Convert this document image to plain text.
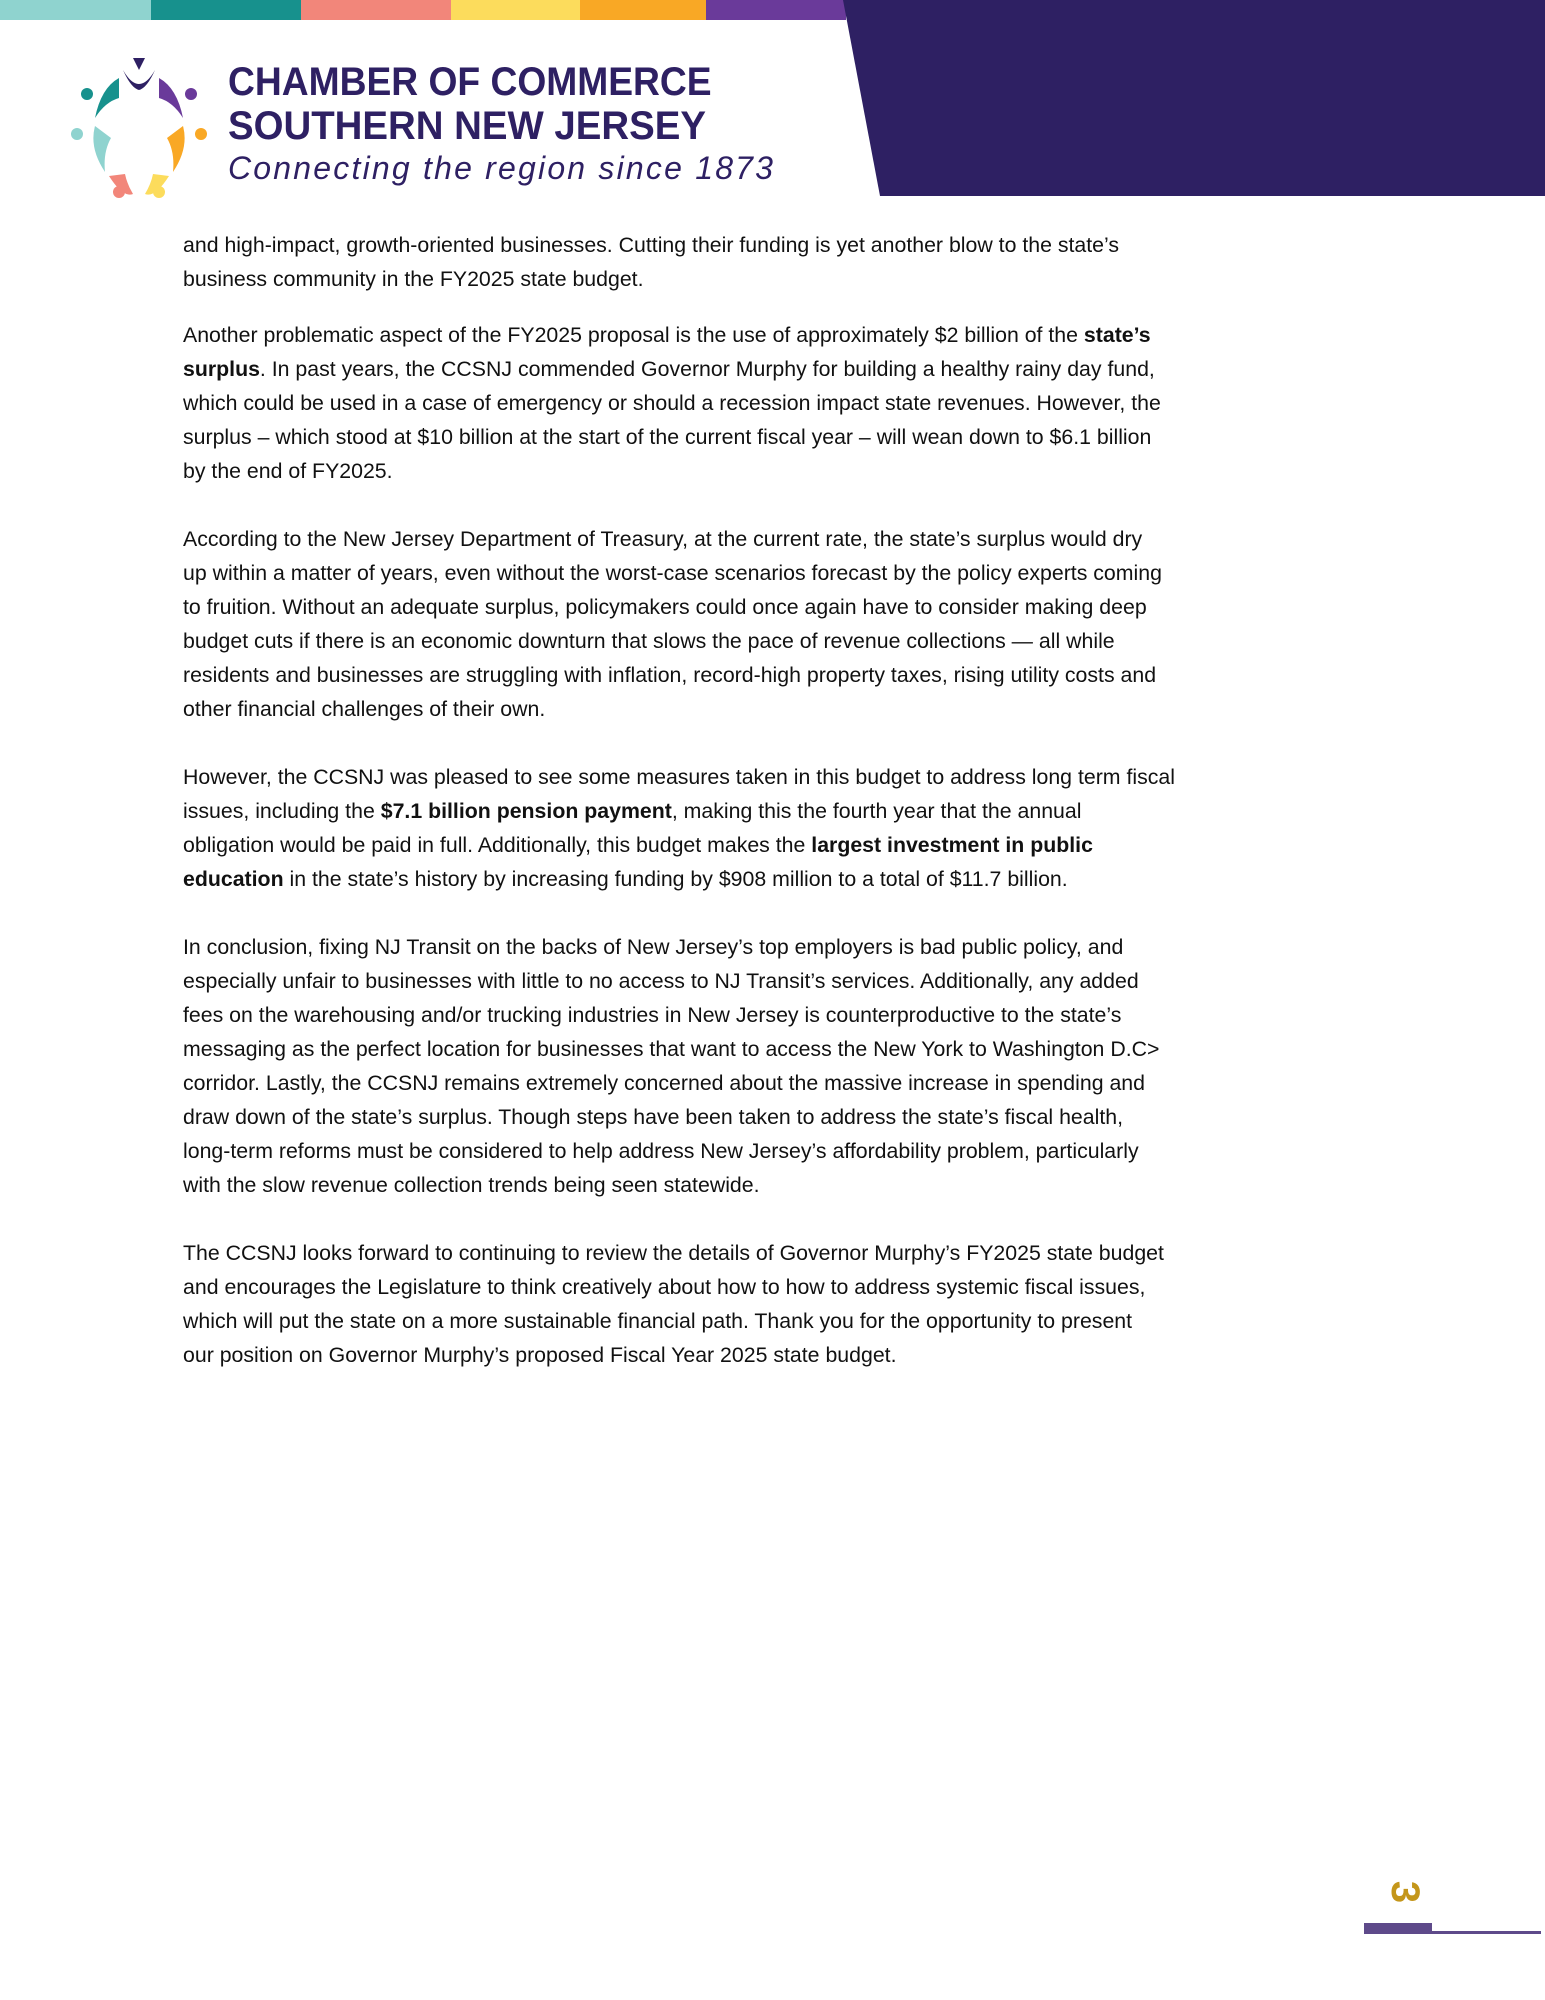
CHAMBER OF COMMERCE
SOUTHERN NEW JERSEY
Connecting the region since 1873
and high-impact, growth-oriented businesses. Cutting their funding is yet another blow to the state’s
business community in the FY2025 state budget.
Another problematic aspect of the FY2025 proposal is the use of approximately $2 billion of the state’s
surplus. In past years, the CCSNJ commended Governor Murphy for building a healthy rainy day fund,
which could be used in a case of emergency or should a recession impact state revenues. However, the
surplus – which stood at $10 billion at the start of the current fiscal year – will wean down to $6.1 billion
by the end of FY2025.
According to the New Jersey Department of Treasury, at the current rate, the state’s surplus would dry
up within a matter of years, even without the worst-case scenarios forecast by the policy experts coming
to fruition. Without an adequate surplus, policymakers could once again have to consider making deep
budget cuts if there is an economic downturn that slows the pace of revenue collections — all while
residents and businesses are struggling with inflation, record-high property taxes, rising utility costs and
other financial challenges of their own.
However, the CCSNJ was pleased to see some measures taken in this budget to address long term fiscal
issues, including the $7.1 billion pension payment, making this the fourth year that the annual
obligation would be paid in full. Additionally, this budget makes the largest investment in public
education in the state’s history by increasing funding by $908 million to a total of $11.7 billion.
In conclusion, fixing NJ Transit on the backs of New Jersey’s top employers is bad public policy, and
especially unfair to businesses with little to no access to NJ Transit’s services. Additionally, any added
fees on the warehousing and/or trucking industries in New Jersey is counterproductive to the state’s
messaging as the perfect location for businesses that want to access the New York to Washington D.C>
corridor. Lastly, the CCSNJ remains extremely concerned about the massive increase in spending and
draw down of the state’s surplus. Though steps have been taken to address the state’s fiscal health,
long-term reforms must be considered to help address New Jersey’s affordability problem, particularly
with the slow revenue collection trends being seen statewide.
The CCSNJ looks forward to continuing to review the details of Governor Murphy’s FY2025 state budget
and encourages the Legislature to think creatively about how to how to address systemic fiscal issues,
which will put the state on a more sustainable financial path. Thank you for the opportunity to present
our position on Governor Murphy’s proposed Fiscal Year 2025 state budget.
3
